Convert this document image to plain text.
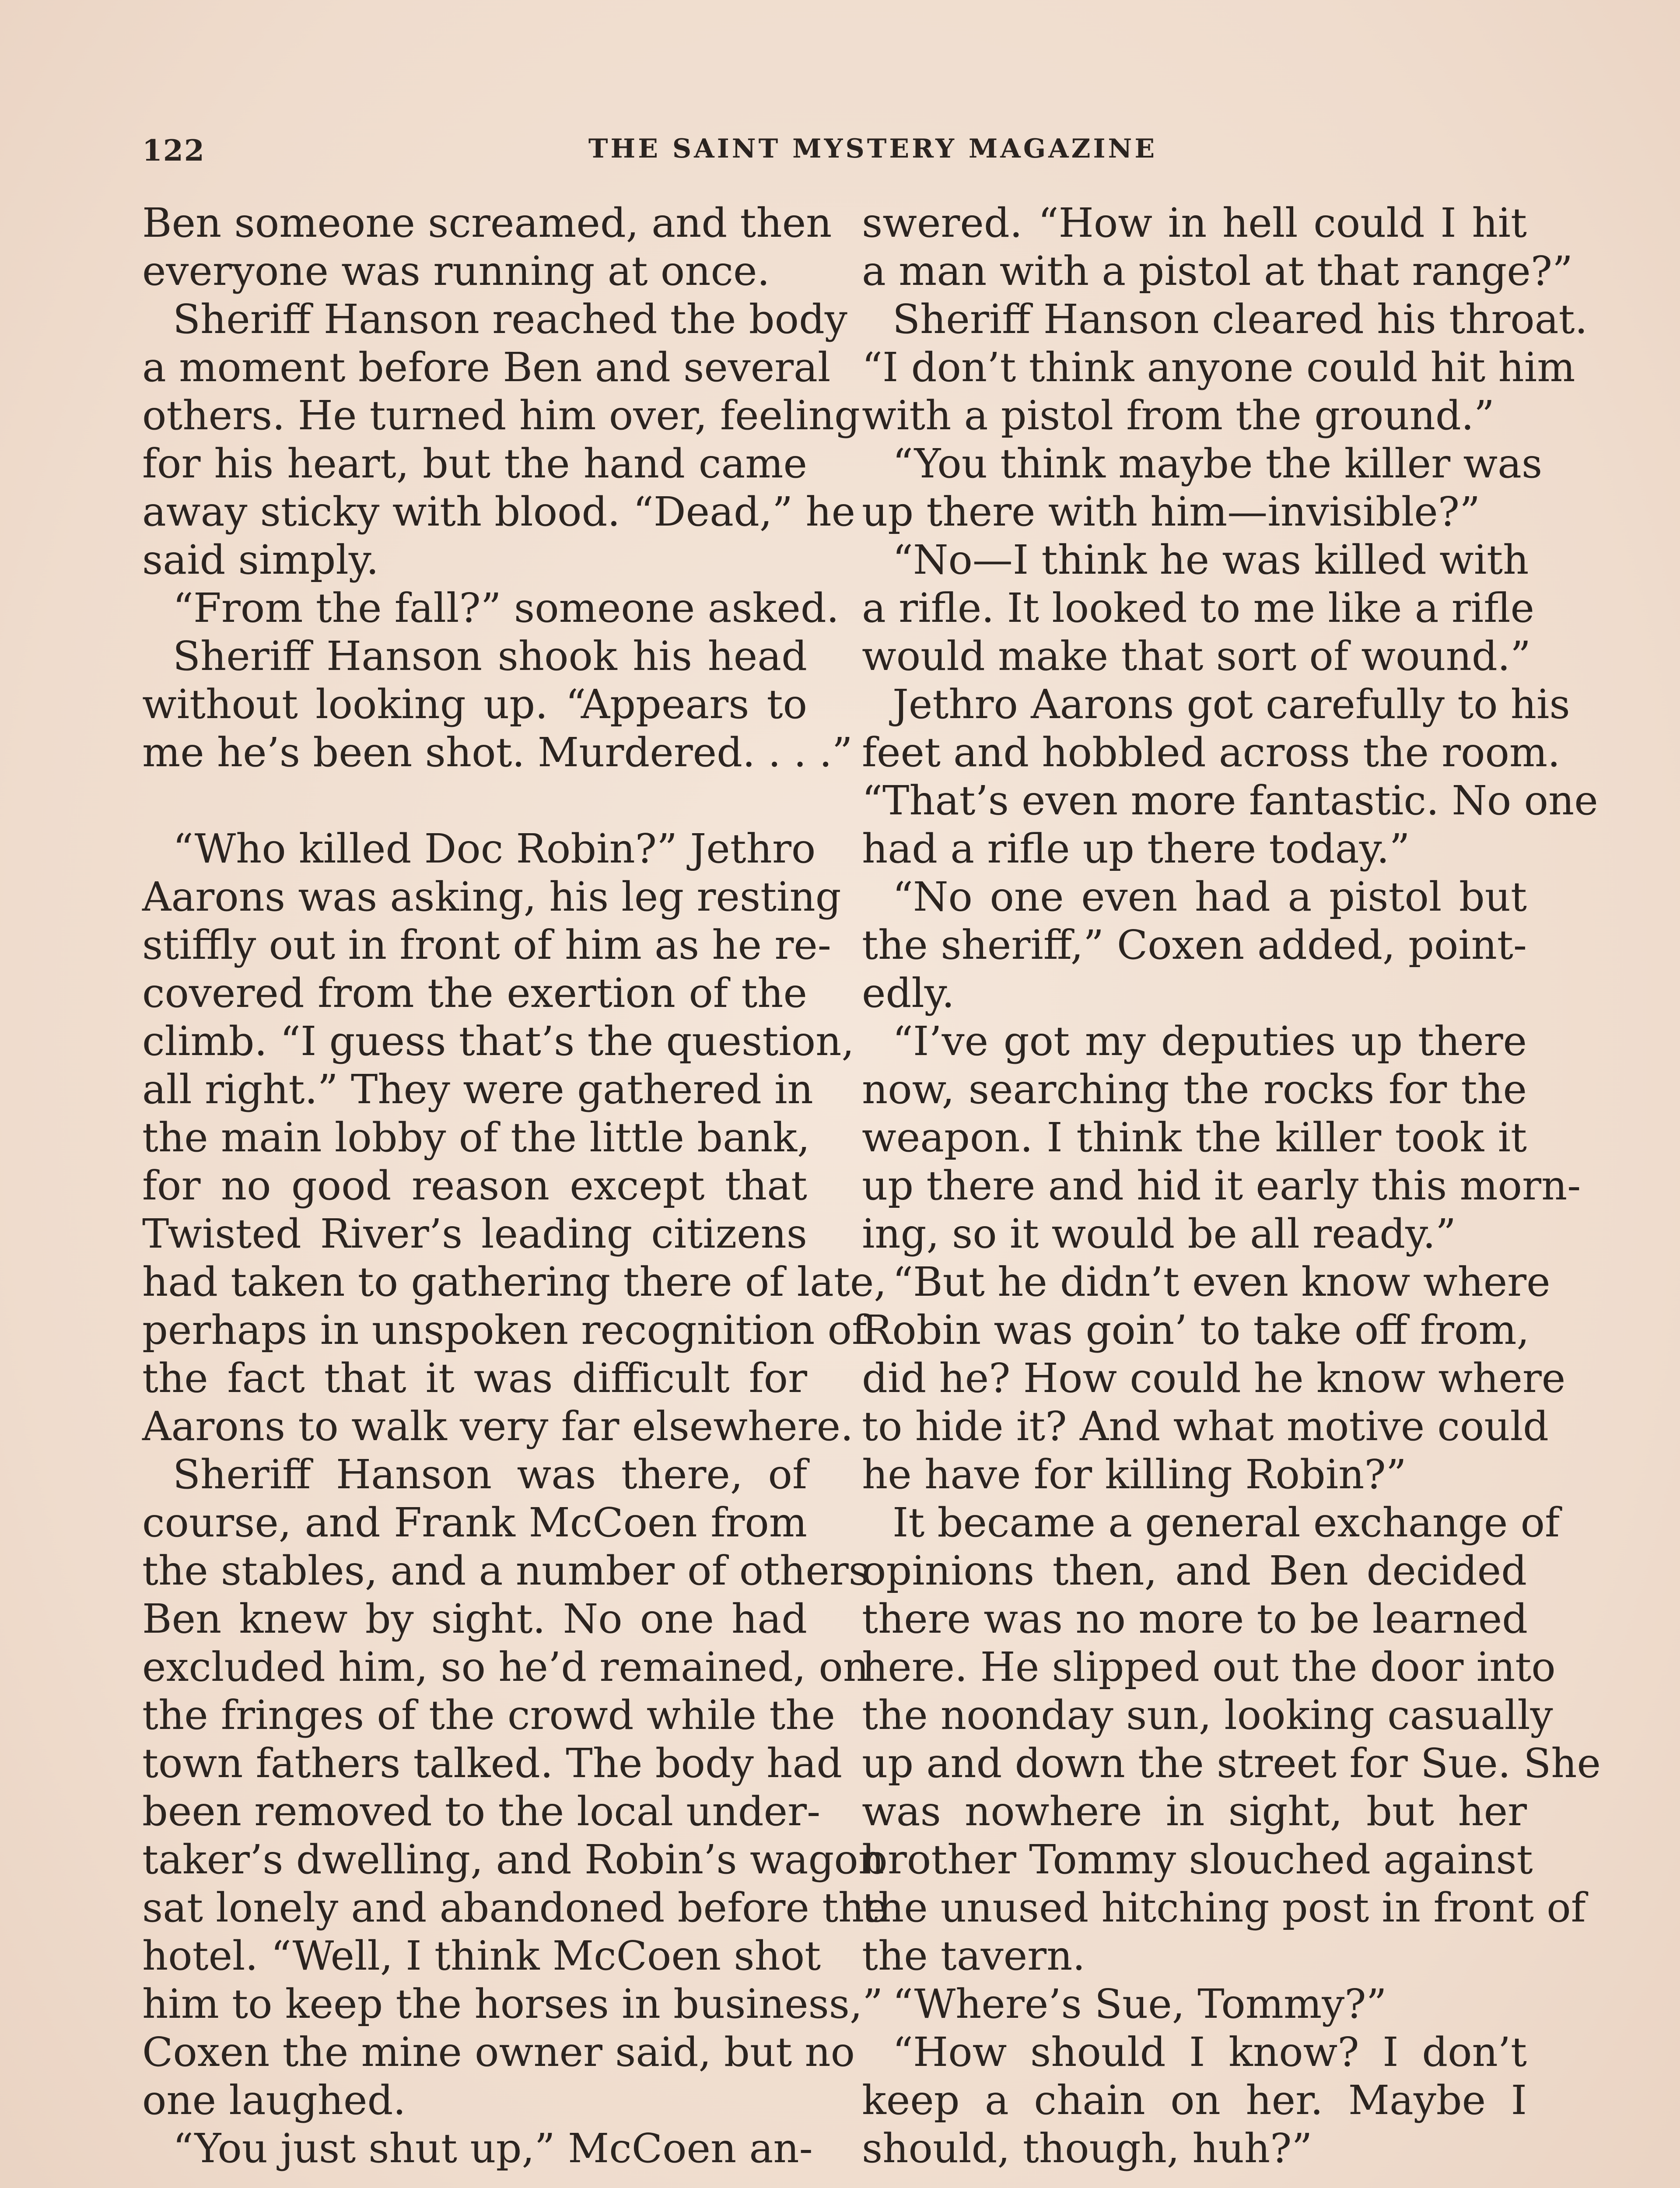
122	THE SAINT MYSTERY MAGAZINE
Ben someone screamed, and then
everyone was running at once.
Sheriff Hanson reached the body
a moment before Ben and several
others. He turned him over, feeling
for his heart, but the hand came
away sticky with blood. “Dead,” he
said simply.
“From the fall?” someone asked.
Sheriff Hanson shook his head
without looking up. “Appears to
me he’s been shot. Murdered. . . .”
“Who killed Doc Robin?” Jethro
Aarons was asking, his leg resting
stiffly out in front of him as he re-
covered from the exertion of the
climb. “I guess that’s the question,
all right.” They were gathered in
the main lobby of the little bank,
for no good reason except that
Twisted River’s leading citizens
had taken to gathering there of late,
perhaps in unspoken recognition of
the fact that it was difficult for
Aarons to walk very far elsewhere.
Sheriff Hanson was there, of
course, and Frank McCoen from
the stables, and a number of others
Ben knew by sight. No one had
excluded him, so he’d remained, on
the fringes of the crowd while the
town fathers talked. The body had
been removed to the local under-
taker’s dwelling, and Robin’s wagon
sat lonely and abandoned before the
hotel. “Well, I think McCoen shot
him to keep the horses in business,”
Coxen the mine owner said, but no
one laughed.
“You just shut up,” McCoen an-
swered. “How in hell could I hit
a man with a pistol at that range?”
Sheriff Hanson cleared his throat.
“I don’t think anyone could hit him
with a pistol from the ground.”
“You think maybe the killer was
up there with him—invisible?”
“No—I think he was killed with
a rifle. It looked to me like a rifle
would make that sort of wound.”
Jethro Aarons got carefully to his
feet and hobbled across the room.
“That’s even more fantastic. No one
had a rifle up there today.”
“No one even had a pistol but
the sheriff,” Coxen added, point-
edly.
“I’ve got my deputies up there
now, searching the rocks for the
weapon. I think the killer took it
up there and hid it early this morn-
ing, so it would be all ready.”
“But he didn’t even know where
Robin was goin’ to take off from,
did he? How could he know where
to hide it? And what motive could
he have for killing Robin?”
It became a general exchange of
opinions then, and Ben decided
there was no more to be learned
here. He slipped out the door into
the noonday sun, looking casually
up and down the street for Sue. She
was nowhere in sight, but her
brother Tommy slouched against
the unused hitching post in front of
the tavern.
“Where’s Sue, Tommy?”
“How should I know? I don’t
keep a chain on her. Maybe I
should, though, huh?”
